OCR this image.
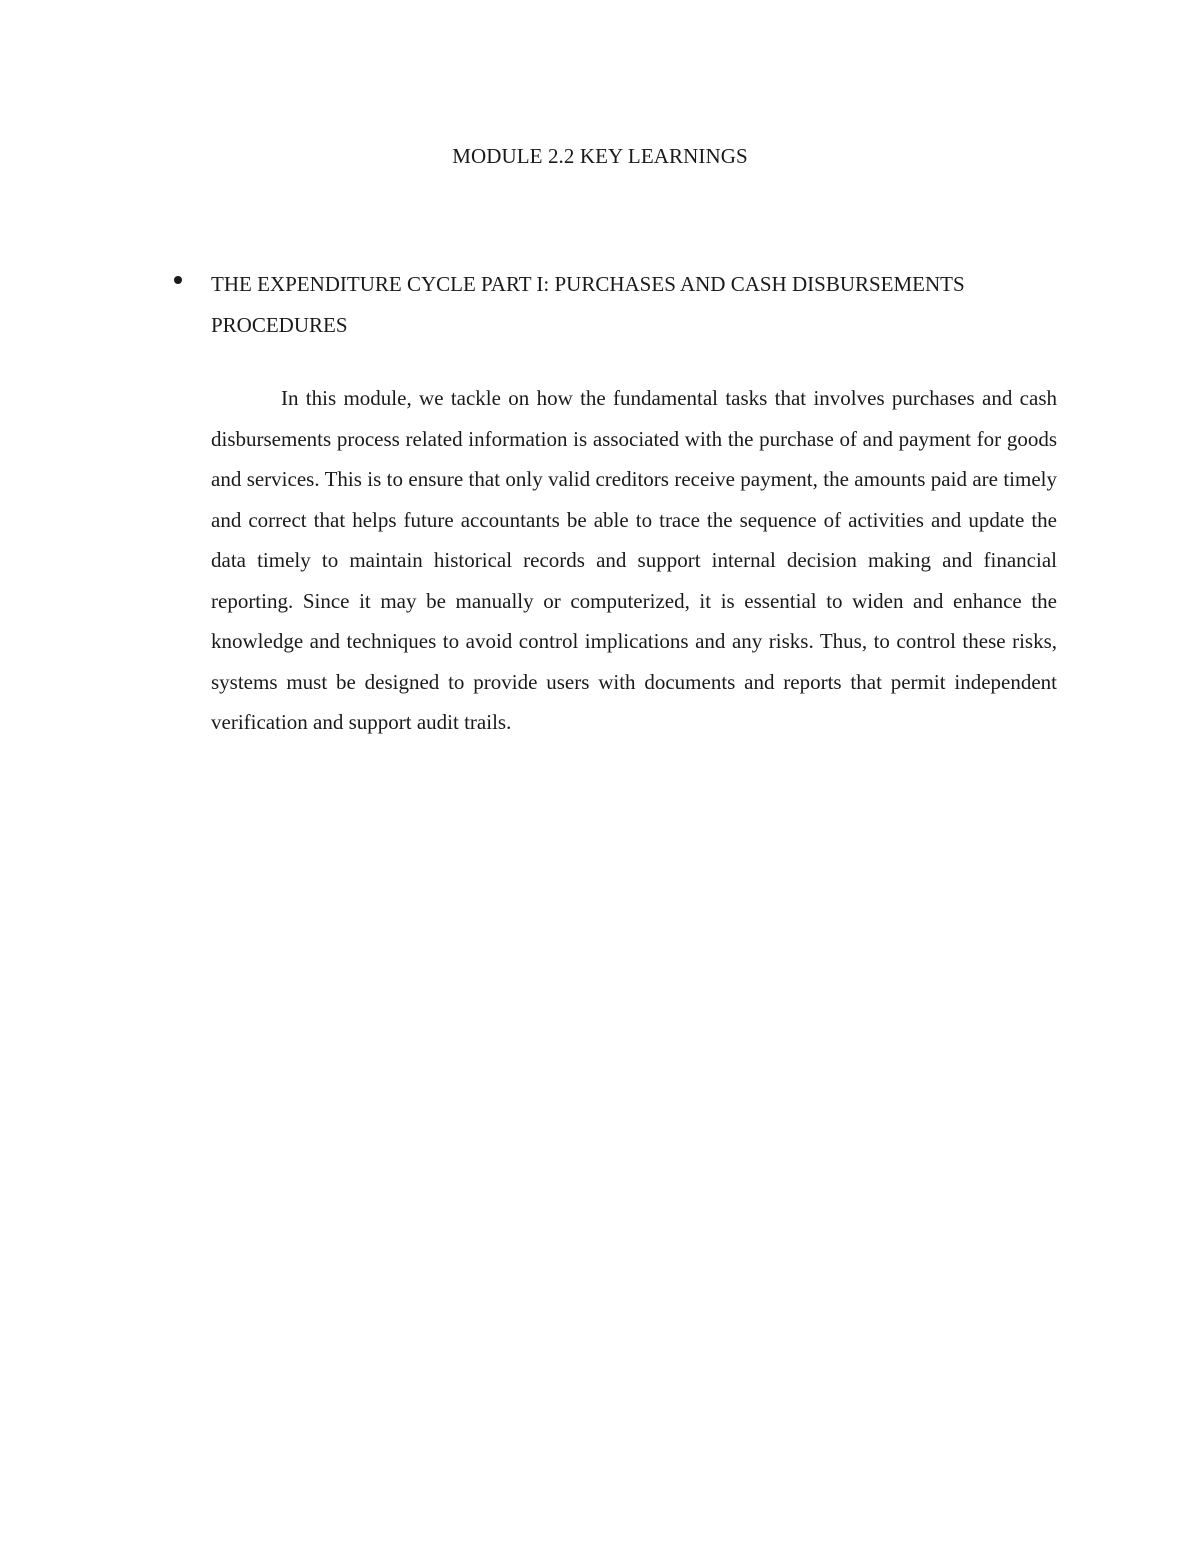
MODULE 2.2 KEY LEARNINGS
THE EXPENDITURE CYCLE PART I: PURCHASES AND CASH DISBURSEMENTS PROCEDURES

In this module, we tackle on how the fundamental tasks that involves purchases and cash disbursements process related information is associated with the purchase of and payment for goods and services. This is to ensure that only valid creditors receive payment, the amounts paid are timely and correct that helps future accountants be able to trace the sequence of activities and update the data timely to maintain historical records and support internal decision making and financial reporting. Since it may be manually or computerized, it is essential to widen and enhance the knowledge and techniques to avoid control implications and any risks. Thus, to control these risks, systems must be designed to provide users with documents and reports that permit independent verification and support audit trails.
